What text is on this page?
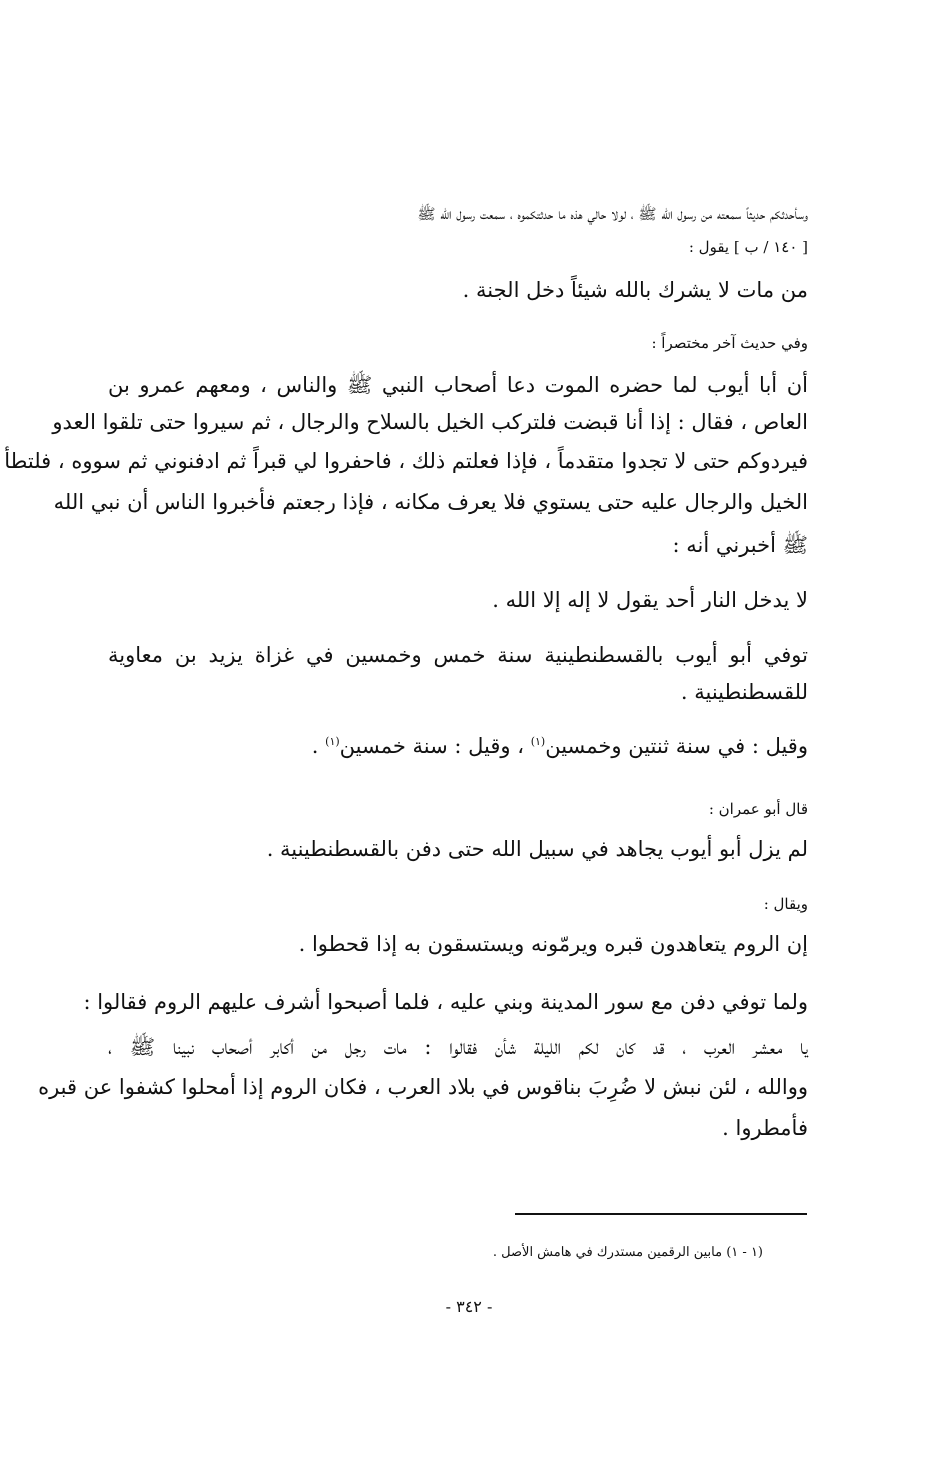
وسأحدثكم حديثاً سمعته من رسول الله ﷺ ، لولا حالي هذه ما حدثتكموه ، سمعت رسول الله ﷺ
[ ١٤٠ / ب ] يقول :
من مات لا يشرك بالله شيئاً دخل الجنة .
وفي حديث آخر مختصراً :
أن أبا أيوب لما حضره الموت دعا أصحاب النبي ﷺ والناس ، ومعهم عمرو بن
العاص ، فقال : إذا أنا قبضت فلتركب الخيل بالسلاح والرجال ، ثم سيروا حتى تلقوا العدو
فيردوكم حتى لا تجدوا متقدماً ، فإذا فعلتم ذلك ، فاحفروا لي قبراً ثم ادفنوني ثم سووه ، فلتطأ
الخيل والرجال عليه حتى يستوي فلا يعرف مكانه ، فإذا رجعتم فأخبروا الناس أن نبي الله
ﷺ أخبرني أنه :
لا يدخل النار أحد يقول لا إله إلا الله .
توفي أبو أيوب بالقسطنطينية سنة خمس وخمسين في غزاة يزيد بن معاوية
للقسطنطينية .
وقيل : في سنة ثنتين وخمسين$^{(١)}$ ، وقيل : سنة خمسين$^{(١)}$ .
قال أبو عمران :
لم يزل أبو أيوب يجاهد في سبيل الله حتى دفن بالقسطنطينية .
ويقال :
إن الروم يتعاهدون قبره ويرمّونه ويستسقون به إذا قحطوا .
ولما توفي دفن مع سور المدينة وبني عليه ، فلما أصبحوا أشرف عليهم الروم فقالوا :
يا معشر العرب ، قد كان لكم الليلة شأن فقالوا : مات رجل من أكابر أصحاب نبينا ﷺ ،
ووالله ، لئن نبش لا ضُرِبَ بناقوس في بلاد العرب ، فكان الروم إذا أمحلوا كشفوا عن قبره
فأمطروا .
(١ - ١) مابين الرقمين مستدرك في هامش الأصل .
- ٣٤٢ -
